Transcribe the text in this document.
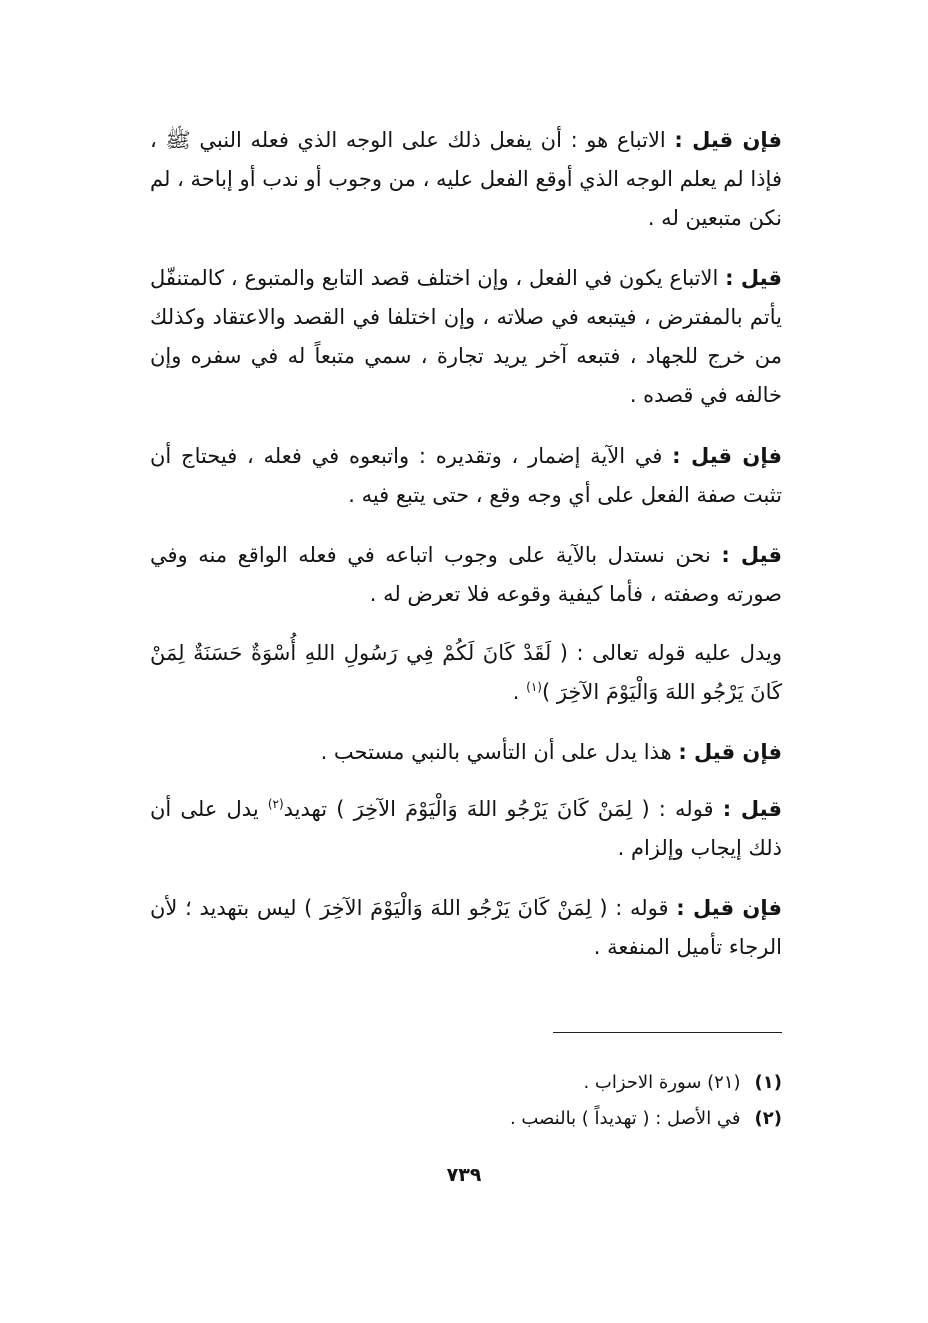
فإن قيل : الاتباع هو : أن يفعل ذلك على الوجه الذي فعله النبي ﷺ ، فإذا لم يعلم الوجه الذي أوقع الفعل عليه ، من وجوب أو ندب أو إباحة ، لم نكن متبعين له .

قيل : الاتباع يكون في الفعل ، وإن اختلف قصد التابع والمتبوع ، كالمتنفّل يأتم بالمفترض ، فيتبعه في صلاته ، وإن اختلفا في القصد والاعتقاد وكذلك من خرج للجهاد ، فتبعه آخر يريد تجارة ، سمي متبعاً له في سفره وإن خالفه في قصده .

فإن قيل : في الآية إضمار ، وتقديره : واتبعوه في فعله ، فيحتاج أن تثبت صفة الفعل على أي وجه وقع ، حتى يتبع فيه .

قيل : نحن نستدل بالآية على وجوب اتباعه في فعله الواقع منه وفي صورته وصفته ، فأما كيفية وقوعه فلا تعرض له .

ويدل عليه قوله تعالى : ( لَقَدْ كَانَ لَكُمْ فِي رَسُولِ اللهِ أُسْوَةٌ حَسَنَةٌ لِمَنْ كَانَ يَرْجُو اللهَ وَالْيَوْمَ الآخِرَ )$^{(١)}$ .

فإن قيل : هذا يدل على أن التأسي بالنبي مستحب .

قيل : قوله : ( لِمَنْ كَانَ يَرْجُو اللهَ وَالْيَوْمَ الآخِرَ ) تهديد$^{(٢)}$ يدل على أن ذلك إيجاب وإلزام .

فإن قيل : قوله : ( لِمَنْ كَانَ يَرْجُو اللهَ وَالْيَوْمَ الآخِرَ ) ليس بتهديد ؛ لأن الرجاء تأميل المنفعة .

(١)(٢١) سورة الاحزاب .

(٢)في الأصل : ( تهديداً ) بالنصب .

٧٣٩
